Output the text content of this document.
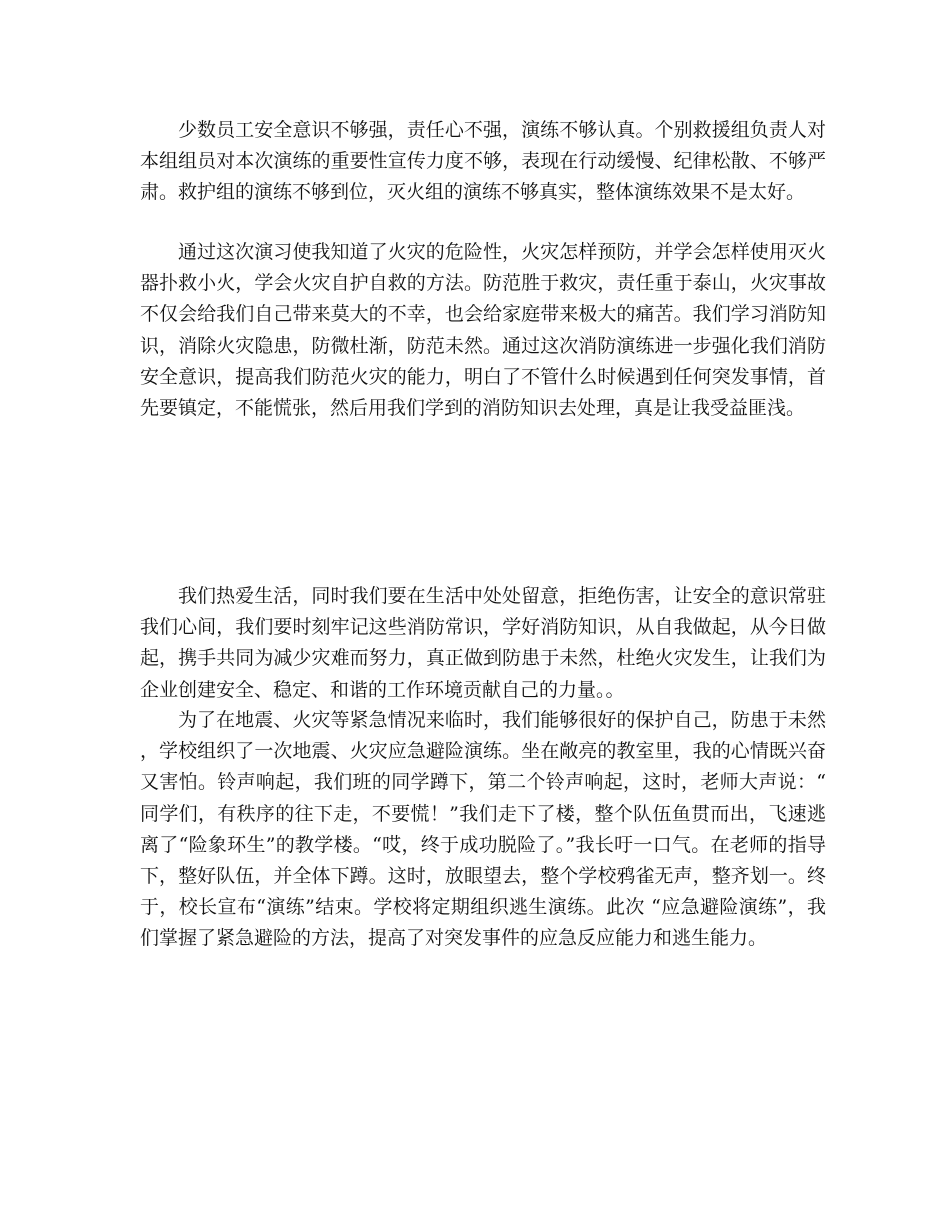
少数员工安全意识不够强，责任心不强，演练不够认真。个别救援组负责人对本组组员对本次演练的重要性宣传力度不够，表现在行动缓慢、纪律松散、不够严肃。救护组的演练不够到位，灭火组的演练不够真实，整体演练效果不是太好。

通过这次演习使我知道了火灾的危险性，火灾怎样预防，并学会怎样使用灭火器扑救小火，学会火灾自护自救的方法。防范胜于救灾，责任重于泰山，火灾事故不仅会给我们自己带来莫大的不幸，也会给家庭带来极大的痛苦。我们学习消防知识，消除火灾隐患，防微杜渐，防范未然。通过这次消防演练进一步强化我们消防安全意识，提高我们防范火灾的能力，明白了不管什么时候遇到任何突发事情，首先要镇定，不能慌张，然后用我们学到的消防知识去处理，真是让我受益匪浅。

我们热爱生活，同时我们要在生活中处处留意，拒绝伤害，让安全的意识常驻我们心间，我们要时刻牢记这些消防常识，学好消防知识，从自我做起，从今日做起，携手共同为减少灾难而努力，真正做到防患于未然，杜绝火灾发生，让我们为企业创建安全、稳定、和谐的工作环境贡献自己的力量。。

为了在地震、火灾等紧急情况来临时，我们能够很好的保护自己，防患于未然，学校组织了一次地震、火灾应急避险演练。坐在敞亮的教室里，我的心情既兴奋又害怕。铃声响起，我们班的同学蹲下，第二个铃声响起，这时，老师大声说：“同学们，有秩序的往下走，不要慌！”我们走下了楼，整个队伍鱼贯而出，飞速逃离了“险象环生”的教学楼。“哎，终于成功脱险了。”我长吁一口气。在老师的指导下，整好队伍，并全体下蹲。这时，放眼望去，整个学校鸦雀无声，整齐划一。终于，校长宣布“演练”结束。学校将定期组织逃生演练。此次 “应急避险演练”，我们掌握了紧急避险的方法，提高了对突发事件的应急反应能力和逃生能力。
